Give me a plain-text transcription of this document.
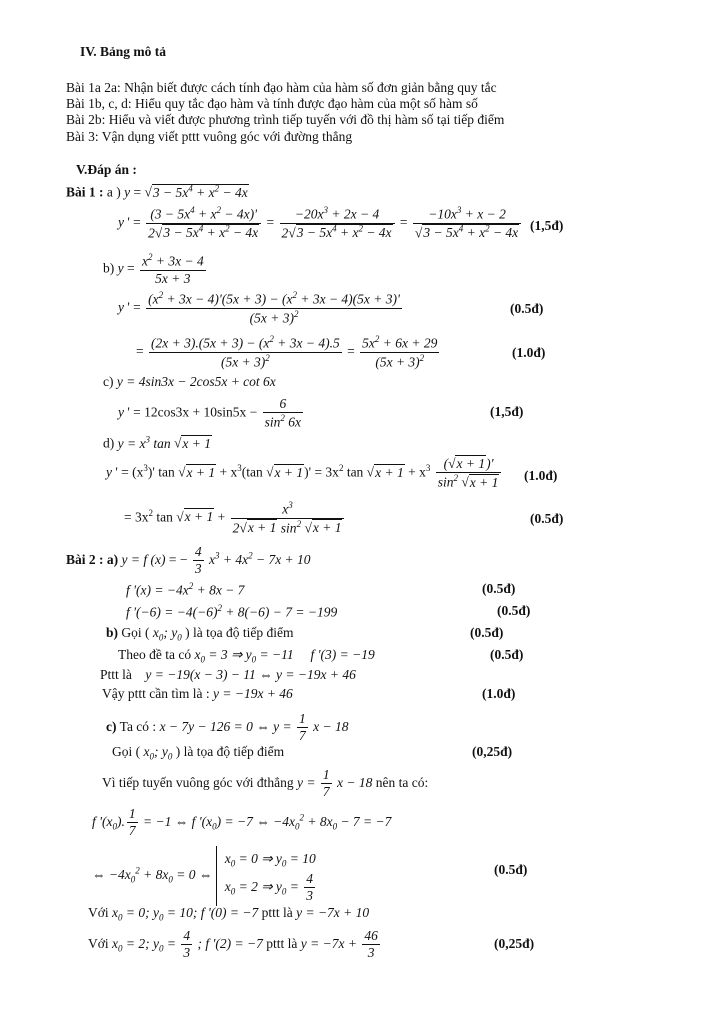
IV. Bảng mô tả
Bài 1a 2a: Nhận biết được cách tính đạo hàm của hàm số đơn giản bằng quy tắc
Bài 1b, c, d: Hiểu quy tắc đạo hàm và tính được đạo hàm của một số hàm số
Bài 2b: Hiểu và viết được phương trình tiếp tuyến với đồ thị hàm số tại tiếp điểm
Bài 3: Vận dụng viết pttt vuông góc với đường thẳng
V.Đáp án :
Bài 1 : a ) $y = √3 - 5x^4 + x^2 - 4x$
y ' = $\frac{(3 - 5x^4 + x^2 - 4x)'}{2√3 - 5x^4 + x^2 - 4x} = \frac{-20x^3 + 2x - 4}{2√3 - 5x^4 + x^2 - 4x} = \frac{-10x^3 + x - 2}{√3 - 5x^4 + x^2 - 4x}$ (1,5đ)
b) $y = \frac{x^2 + 3x - 4}{5x + 3}$
y ' = $\frac{(x^2 + 3x - 4)'(5x + 3) - (x^2 + 3x - 4)(5x + 3)'}{(5x + 3)^2}$	(0.5đ)
= $\frac{(2x + 3).(5x + 3) - (x^2 + 3x - 4).5}{(5x + 3)^2} = \frac{5x^2 + 6x + 29}{(5x + 3)^2}$	(1.0đ)
c) y = 4sin3x − 2cos5x + cot 6x
y ' = $12\cos 3x + 10\sin 5x - \frac{6}{\sin^2 6x}$	(1,5đ)
d) $y = x^3$ tan √x + 1
y ' = $(x^3)'$ $\tan √x + 1 + x^3(\tan$ $√x + 1)' = 3x^2$ $\tan √x + 1 + x^3 \frac{(√x + 1)'}{\sin^2 √x + 1}$ (1.0đ)
= $3x^2$ $\tan √x + 1 + \frac{x^3}{2√x + 1 \sin^2 √x + 1}$	(0.5đ)
Bài 2 : a) y = f (x) = − $\frac{4}{3} x^3 + 4x^2 - 7x + 10$
f '$(x) = -4x^2 + 8x - 7$	(0.5đ)
f '$(-6) = -4(-6)^2 + 8(-6) - 7 = -199$	(0.5đ)
b) Gọi ( $x_0$; $y_0$ ) là tọa độ tiếp điểm	(0.5đ)
Theo đề ta có $x_0 = 3$ ⇒ $y_0 = -11$     f '(3) = −19	(0.5đ)
Pttt là y = −19(x − 3) − 11 ⇔ y = −19x + 46
Vậy pttt cần tìm là : y = −19x + 46	(1.0đ)
c) Ta có : x − 7y − 126 = 0 ⇔ $y = \frac{1}{7}$ x − 18
Gọi ( $x_0$; $y_0$ ) là tọa độ tiếp điểm	(0,25đ)
Vì tiếp tuyến vuông góc với đthẳng $y = \frac{1}{7}$ x − 18 nên ta có:
f '$(x_0)$. $\frac{1}{7} = -1$ ⇔ f '$(x_0) = -7$ ⇔ $-4x_0^2 + 8x_0 - 7 = -7$
⇔ $-4x_0^2 + 8x_0 = 0$ ⇔
$x_0 = 0$ ⇒ $y_0 = 10$
$x_0 = 2$ ⇒ $y_0 = \frac{4}{3}$
(0.5đ)
Với $x_0 = 0$; $y_0 = 10$; f '(0) = −7 pttt là y = −7x + 10
Với $x_0 = 2$; $y_0 = \frac{4}{3}$ ; f '(2) = −7 pttt là $y = -7x + \frac{46}{3}$	(0,25đ)
